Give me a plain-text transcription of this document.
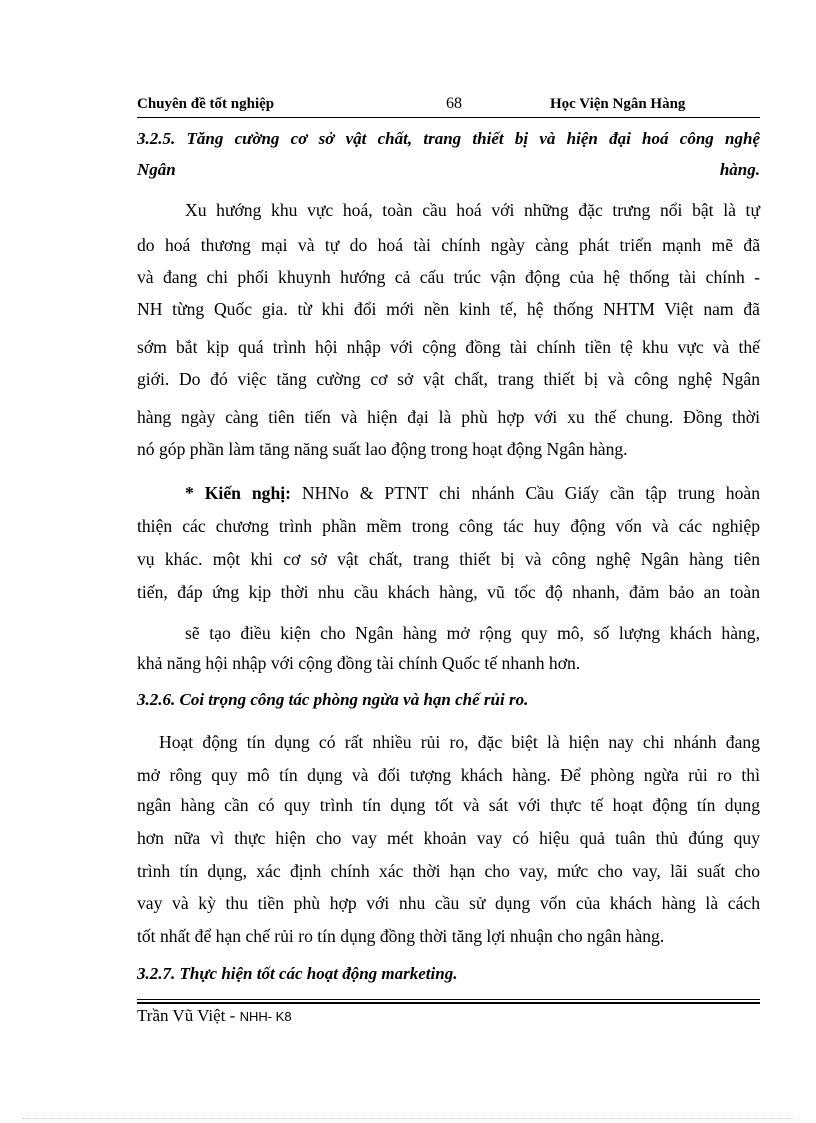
Chuyên đề tốt nghiệp	68	Học Viện Ngân Hàng
3.2.5. Tăng cường cơ sở vật chất, trang thiết bị và hiện đại hoá công nghệ
Ngân	hàng.
Xu hướng khu vực hoá, toàn cầu hoá với những đặc trưng nổi bật là tự
do hoá thương mại và tự do hoá tài chính ngày càng phát triển mạnh mẽ đã
và đang chi phối khuynh hướng cả cấu trúc vận động của hệ thống tài chính -
NH từng Quốc gia. từ khi đổi mới nền kinh tế, hệ thống NHTM Việt nam đã
sớm bắt kịp quá trình hội nhập với cộng đồng tài chính tiền tệ khu vực và thế
giới. Do đó việc tăng cường cơ sở vật chất, trang thiết bị và công nghệ Ngân
hàng ngày càng tiên tiến và hiện đại là phù hợp với xu thế chung. Đồng thời
nó góp phần làm tăng năng suất lao động trong hoạt động Ngân hàng.
* Kiến nghị: NHNo & PTNT chi nhánh Cầu Giấy cần tập trung hoàn
thiện các chương trình phần mềm trong công tác huy động vốn và các nghiệp
vụ khác. một khi cơ sở vật chất, trang thiết bị và công nghệ Ngân hàng tiên
tiến, đáp ứng kịp thời nhu cầu khách hàng, vũ tốc độ nhanh, đảm bảo an toàn
sẽ tạo điều kiện cho Ngân hàng mở rộng quy mô, số lượng khách hàng,
khả năng hội nhập với cộng đồng tài chính Quốc tế nhanh hơn.
3.2.6. Coi trọng công tác phòng ngừa và hạn chế rủi ro.
Hoạt động tín dụng có rất nhiều rủi ro, đặc biệt là hiện nay chi nhánh đang
mở rông quy mô tín dụng và đối tượng khách hàng. Để phòng ngừa rủi ro thì
ngân hàng cần có quy trình tín dụng tốt và sát với thực tế hoạt động tín dụng
hơn nữa vì thực hiện cho vay mét khoản vay có hiệu quả tuân thủ đúng quy
trình tín dụng, xác định chính xác thời hạn cho vay, mức cho vay, lãi suất cho
vay và kỳ thu tiền phù hợp với nhu cầu sử dụng vốn của khách hàng là cách
tốt nhất để hạn chế rủi ro tín dụng đồng thời tăng lợi nhuận cho ngân hàng.
3.2.7. Thực hiện tốt các hoạt động marketing.
Trần Vũ Việt - NHH- K8
